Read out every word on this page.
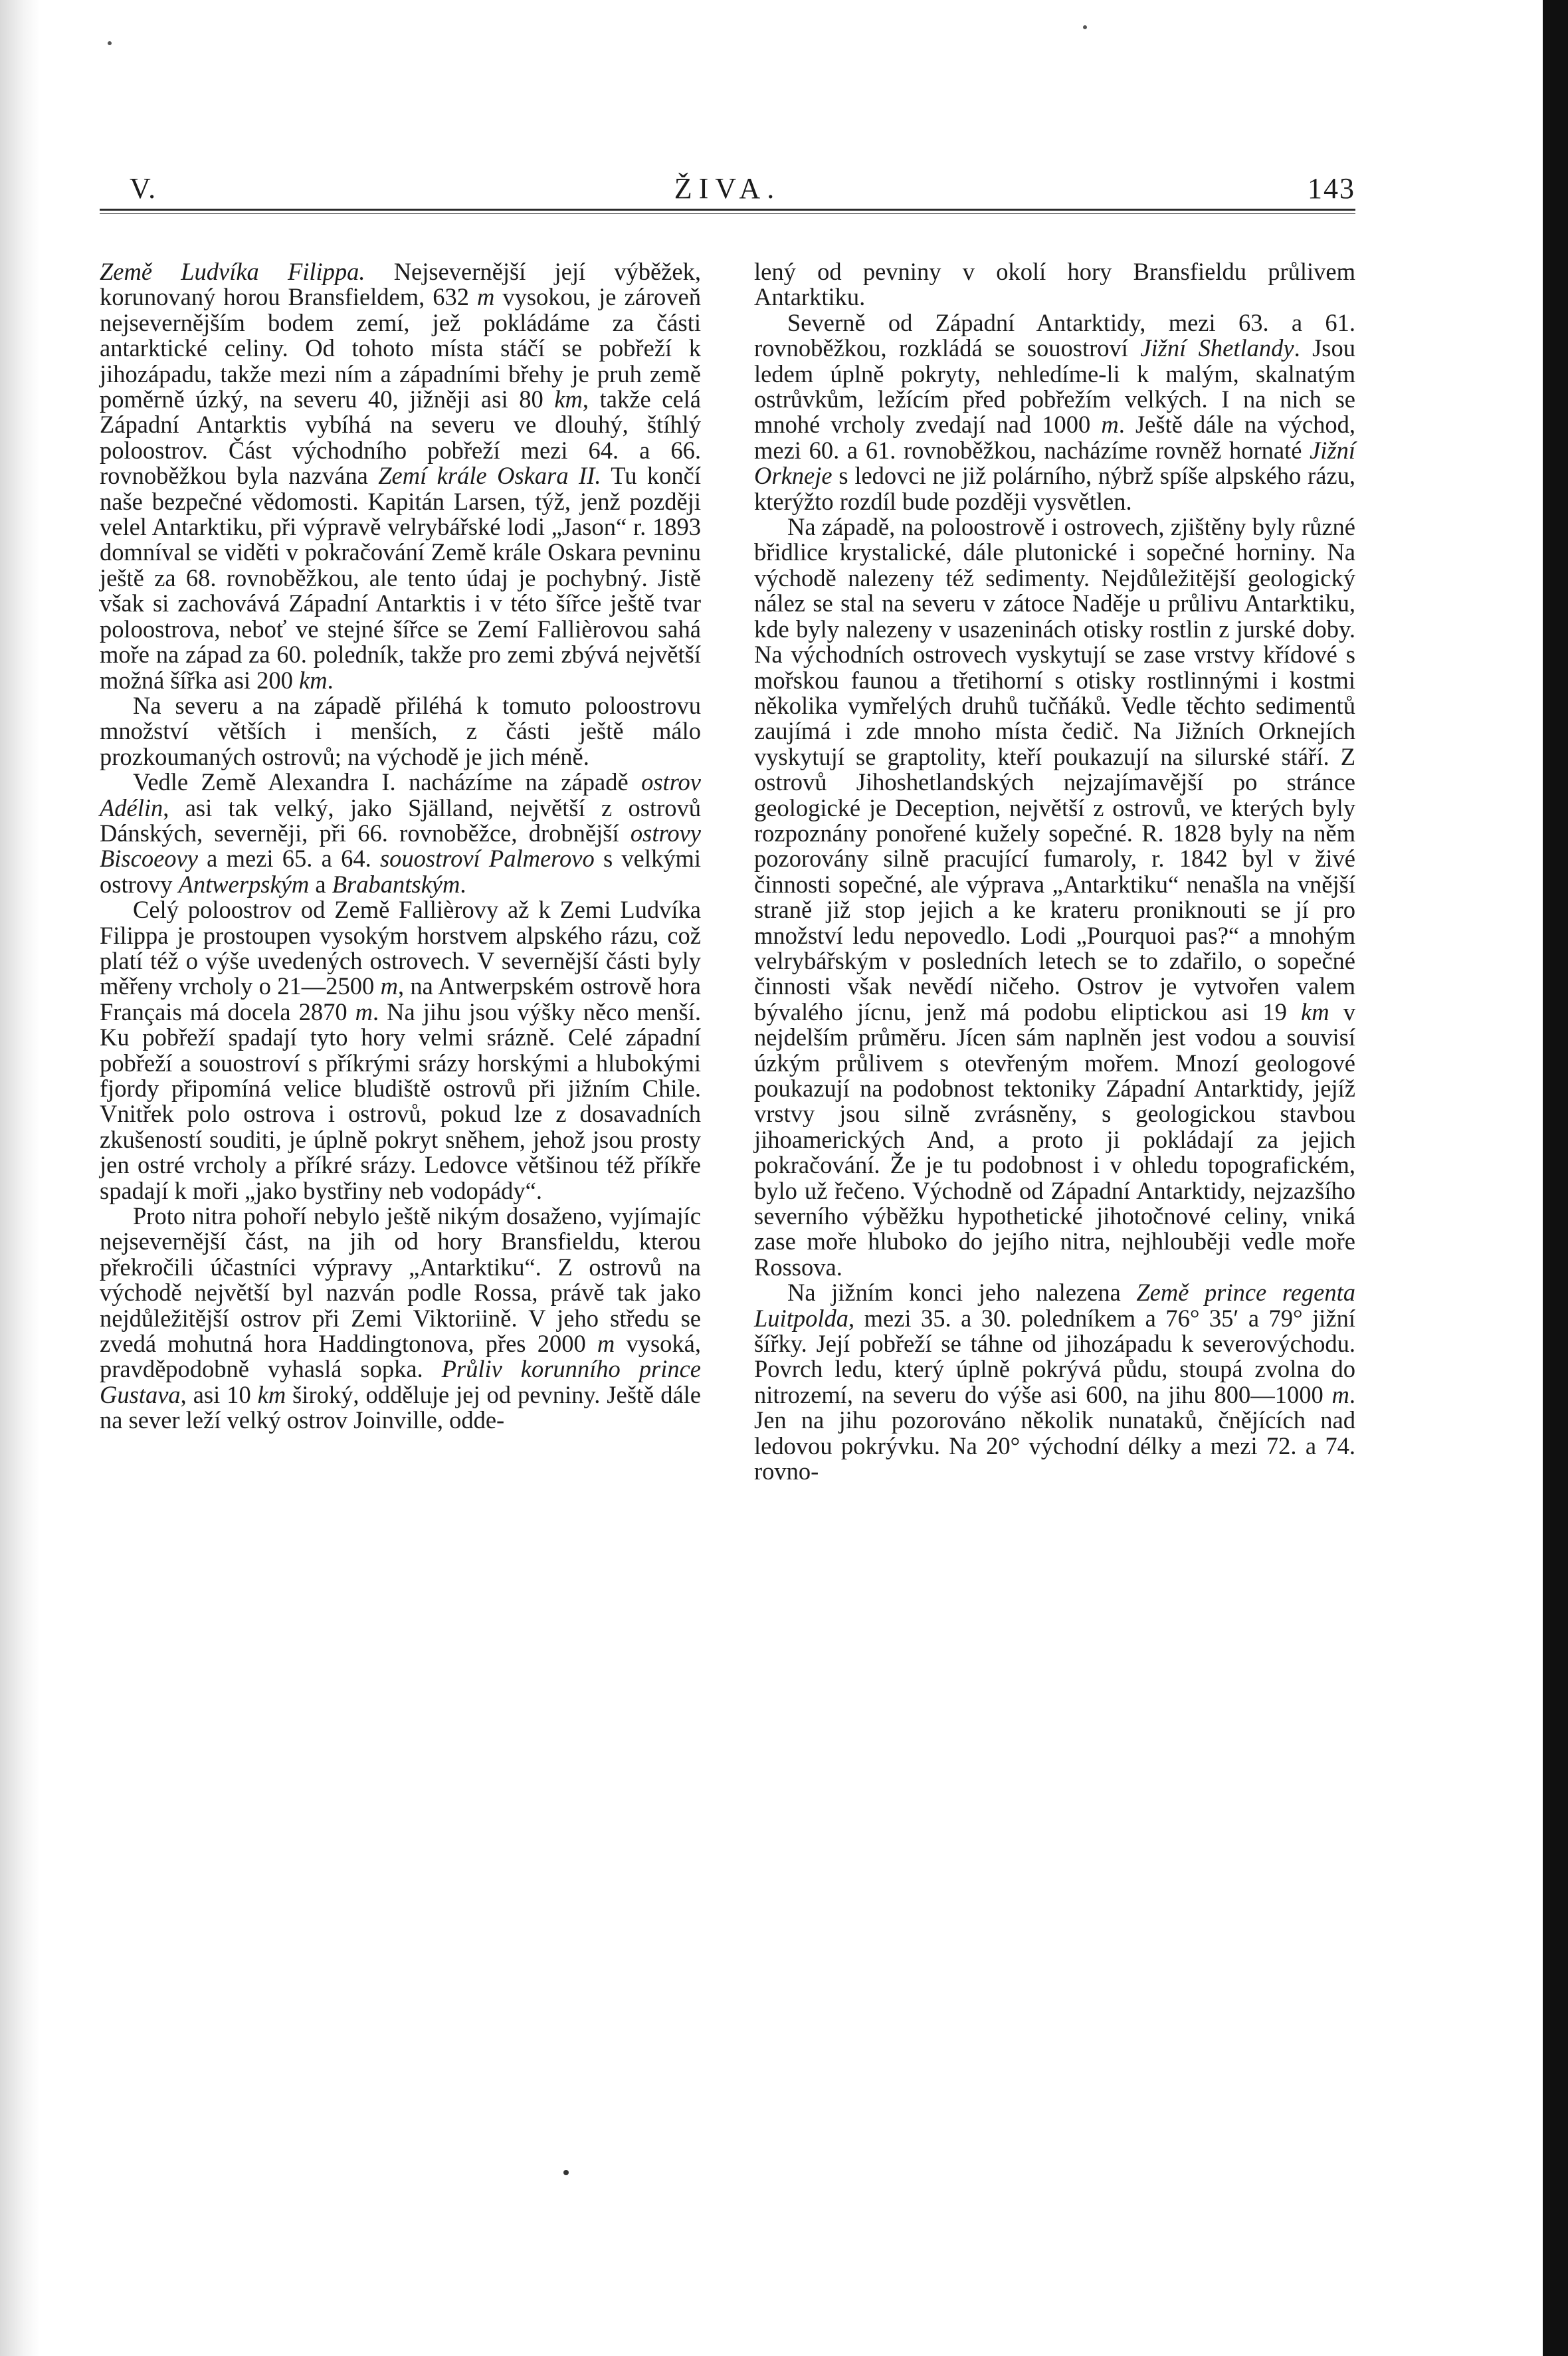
V.	ŽIVA.	143

Země Ludvíka Filippa. Nejsevernější její výběžek, korunovaný horou Bransfieldem, 632 m vysokou, je zároveň nejsevernějším bodem zemí, jež pokládáme za části antarktické celiny. Od tohoto místa stáčí se pobřeží k jihozápadu, takže mezi ním a západními břehy je pruh země poměrně úzký, na severu 40, jižněji asi 80 km, takže celá Západní Antarktis vybíhá na severu ve dlouhý, štíhlý poloostrov. Část východního pobřeží mezi 64. a 66. rovnoběžkou byla nazvána Zemí krále Oskara II. Tu končí naše bezpečné vědomosti. Kapitán Larsen, týž, jenž později velel Antarktiku, při výpravě velrybářské lodi „Jason“ r. 1893 domníval se viděti v pokračování Země krále Oskara pevninu ještě za 68. rovnoběžkou, ale tento údaj je pochybný. Jistě však si zachovává Západní Antarktis i v této šířce ještě tvar poloostrova, neboť ve stejné šířce se Zemí Fallièrovou sahá moře na západ za 60. poledník, takže pro zemi zbývá největší možná šířka asi 200 km.

Na severu a na západě přiléhá k tomuto poloostrovu množství větších i menších, z části ještě málo prozkoumaných ostrovů; na východě je jich méně.

Vedle Země Alexandra I. nacházíme na západě ostrov Adélin, asi tak velký, jako Själland, největší z ostrovů Dánských, severněji, při 66. rovnoběžce, drobnější ostrovy Biscoeovy a mezi 65. a 64. souostroví Palmerovo s velkými ostrovy Antwerpským a Brabantským.

Celý poloostrov od Země Fallièrovy až k Zemi Ludvíka Filippa je prostoupen vysokým horstvem alpského rázu, což platí též o výše uvedených ostrovech. V severnější části byly měřeny vrcholy o 21—2500 m, na Antwerpském ostrově hora Français má docela 2870 m. Na jihu jsou výšky něco menší. Ku pobřeží spadají tyto hory velmi srázně. Celé západní pobřeží a souostroví s příkrými srázy horskými a hlubokými fjordy připomíná velice bludiště ostrovů při jižním Chile. Vnitřek polo ostrova i ostrovů, pokud lze z dosavadních zkušeností souditi, je úplně pokryt sněhem, jehož jsou prosty jen ostré vrcholy a příkré srázy. Ledovce většinou též příkře spadají k moři „jako bystřiny neb vodopády“.

Proto nitra pohoří nebylo ještě nikým dosaženo, vyjímajíc nejsevernější část, na jih od hory Bransfieldu, kterou překročili účastníci výpravy „Antarktiku“. Z ostrovů na východě největší byl nazván podle Rossa, právě tak jako nejdůležitější ostrov při Zemi Viktoriině. V jeho středu se zvedá mohutná hora Haddingtonova, přes 2000 m vysoká, pravděpodobně vyhaslá sopka. Průliv korunního prince Gustava, asi 10 km široký, odděluje jej od pevniny. Ještě dále na sever leží velký ostrov Joinville, odde-

lený od pevniny v okolí hory Bransfieldu průlivem Antarktiku.

Severně od Západní Antarktidy, mezi 63. a 61. rovnoběžkou, rozkládá se souostroví Jižní Shetlandy. Jsou ledem úplně pokryty, nehledíme-li k malým, skalnatým ostrůvkům, ležícím před pobřežím velkých. I na nich se mnohé vrcholy zvedají nad 1000 m. Ještě dále na východ, mezi 60. a 61. rovnoběžkou, nacházíme rovněž hornaté Jižní Orkneje s ledovci ne již polárního, nýbrž spíše alpského rázu, kterýžto rozdíl bude později vysvětlen.

Na západě, na poloostrově i ostrovech, zjištěny byly různé břidlice krystalické, dále plutonické i sopečné horniny. Na východě nalezeny též sedimenty. Nejdůležitější geologický nález se stal na severu v zátoce Naděje u průlivu Antarktiku, kde byly nalezeny v usazeninách otisky rostlin z jurské doby. Na východních ostrovech vyskytují se zase vrstvy křídové s mořskou faunou a třetihorní s otisky rostlinnými i kostmi několika vymřelých druhů tučňáků. Vedle těchto sedimentů zaujímá i zde mnoho místa čedič. Na Jižních Orknejích vyskytují se graptolity, kteří poukazují na silurské stáří. Z ostrovů Jihoshetlandských nejzajímavější po stránce geologické je Deception, největší z ostrovů, ve kterých byly rozpoznány ponořené kužely sopečné. R. 1828 byly na něm pozorovány silně pracující fumaroly, r. 1842 byl v živé činnosti sopečné, ale výprava „Antarktiku“ nenašla na vnější straně již stop jejich a ke krateru proniknouti se jí pro množství ledu nepovedlo. Lodi „Pourquoi pas?“ a mnohým velrybářským v posledních letech se to zdařilo, o sopečné činnosti však nevědí ničeho. Ostrov je vytvořen valem bývalého jícnu, jenž má podobu eliptickou asi 19 km v nejdelším průměru. Jícen sám naplněn jest vodou a souvisí úzkým průlivem s otevřeným mořem. Mnozí geologové poukazují na podobnost tektoniky Západní Antarktidy, jejíž vrstvy jsou silně zvrásněny, s geologickou stavbou jihoamerických And, a proto ji pokládají za jejich pokračování. Že je tu podobnost i v ohledu topografickém, bylo už řečeno. Východně od Západní Antarktidy, nejzazšího severního výběžku hypothetické jihotočnové celiny, vniká zase moře hluboko do jejího nitra, nejhlouběji vedle moře Rossova.

Na jižním konci jeho nalezena Země prince regenta Luitpolda, mezi 35. a 30. poledníkem a 76° 35′ a 79° jižní šířky. Její pobřeží se táhne od jihozápadu k severovýchodu. Povrch ledu, který úplně pokrývá půdu, stoupá zvolna do nitrozemí, na severu do výše asi 600, na jihu 800—1000 m. Jen na jihu pozorováno několik nunataků, čnějících nad ledovou pokrývku. Na 20° východní délky a mezi 72. a 74. rovno-
